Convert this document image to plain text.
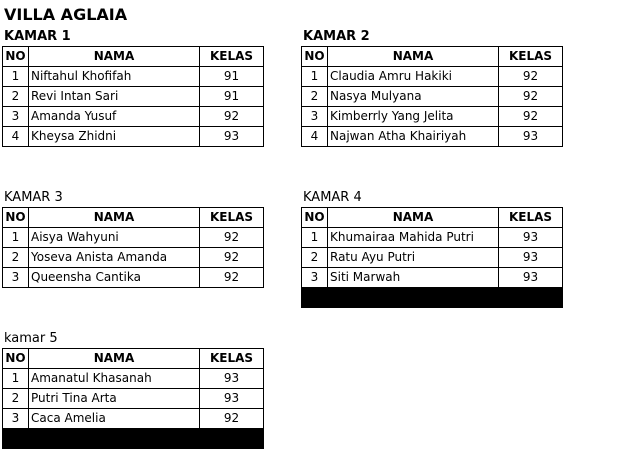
VILLA AGLAIA
KAMAR 1
NO	NAMA	KELAS
1	Niftahul Khofifah	91
2	Revi Intan Sari	91
3	Amanda Yusuf	92
4	Kheysa Zhidni	93
KAMAR 2
NO	NAMA	KELAS
1	Claudia Amru Hakiki	92
2	Nasya Mulyana	92
3	Kimberrly Yang Jelita	92
4	Najwan Atha Khairiyah	93
KAMAR 3
NO	NAMA	KELAS
1	Aisya Wahyuni	92
2	Yoseva Anista Amanda	92
3	Queensha Cantika	92
KAMAR 4
NO	NAMA	KELAS
1	Khumairaa Mahida Putri	93
2	Ratu Ayu Putri	93
3	Siti Marwah	93

kamar 5
NO	NAMA	KELAS
1	Amanatul Khasanah	93
2	Putri Tina Arta	93
3	Caca Amelia	92
